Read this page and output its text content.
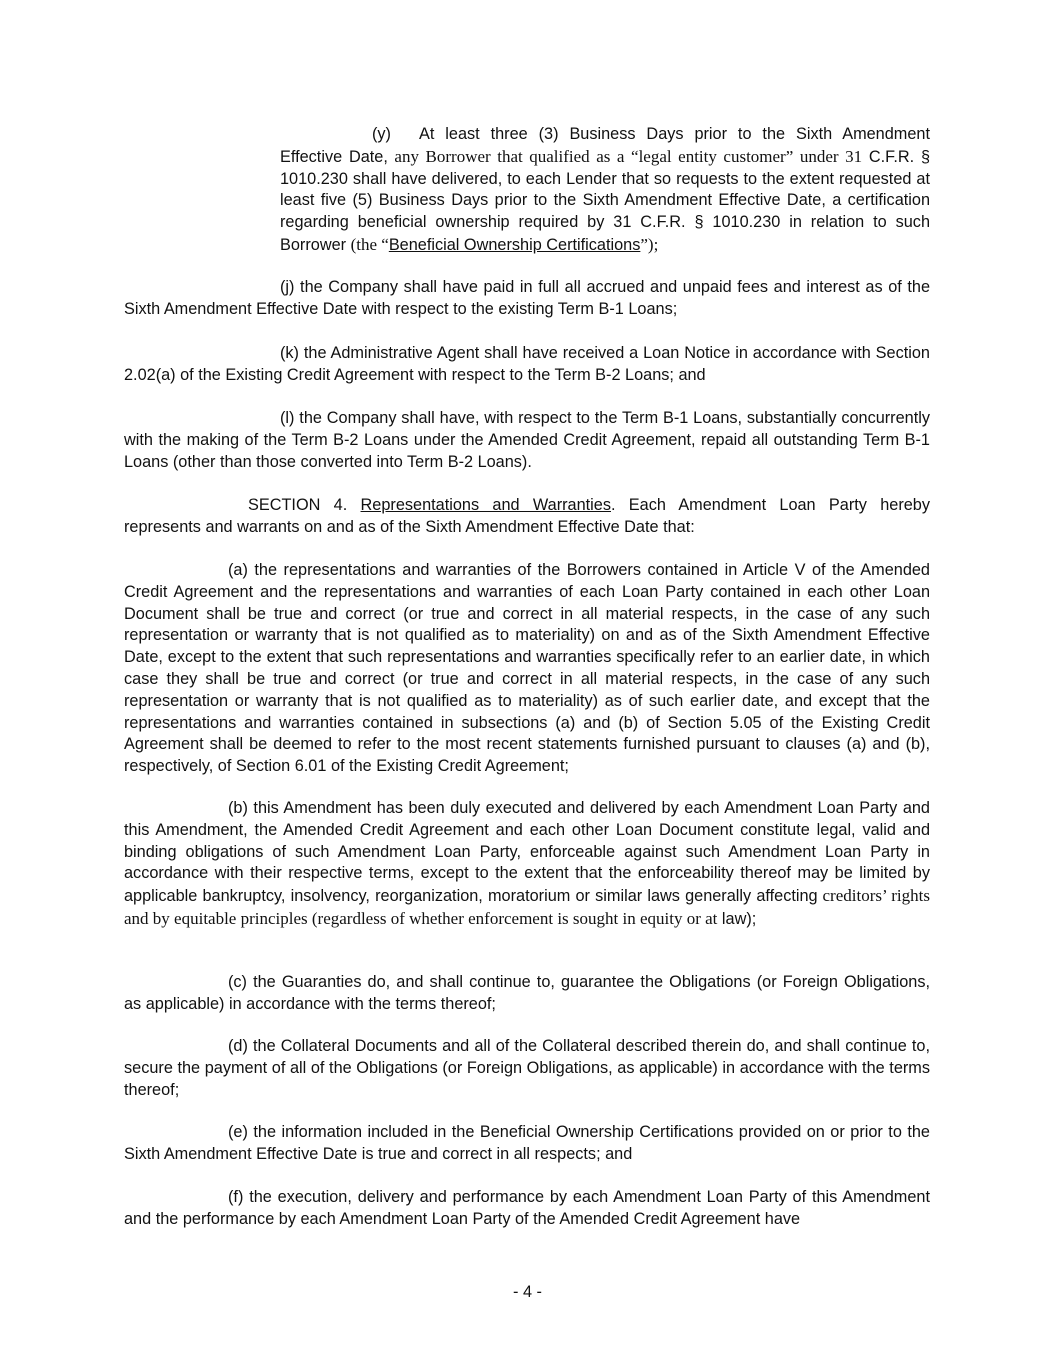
(y) At least three (3) Business Days prior to the Sixth Amendment Effective Date, any Borrower that qualified as a “legal entity customer” under 31 C.F.R. § 1010.230 shall have delivered, to each Lender that so requests to the extent requested at least five (5) Business Days prior to the Sixth Amendment Effective Date, a certification regarding beneficial ownership required by 31 C.F.R. § 1010.230 in relation to such Borrower (the “Beneficial Ownership Certifications”);

(j) the Company shall have paid in full all accrued and unpaid fees and interest as of the Sixth Amendment Effective Date with respect to the existing Term B-1 Loans;

(k) the Administrative Agent shall have received a Loan Notice in accordance with Section 2.02(a) of the Existing Credit Agreement with respect to the Term B-2 Loans; and

(l) the Company shall have, with respect to the Term B-1 Loans, substantially concurrently with the making of the Term B-2 Loans under the Amended Credit Agreement, repaid all outstanding Term B-1 Loans (other than those converted into Term B-2 Loans).

SECTION 4. Representations and Warranties. Each Amendment Loan Party hereby represents and warrants on and as of the Sixth Amendment Effective Date that:

(a) the representations and warranties of the Borrowers contained in Article V of the Amended Credit Agreement and the representations and warranties of each Loan Party contained in each other Loan Document shall be true and correct (or true and correct in all material respects, in the case of any such representation or warranty that is not qualified as to materiality) on and as of the Sixth Amendment Effective Date, except to the extent that such representations and warranties specifically refer to an earlier date, in which case they shall be true and correct (or true and correct in all material respects, in the case of any such representation or warranty that is not qualified as to materiality) as of such earlier date, and except that the representations and warranties contained in subsections (a) and (b) of Section 5.05 of the Existing Credit Agreement shall be deemed to refer to the most recent statements furnished pursuant to clauses (a) and (b), respectively, of Section 6.01 of the Existing Credit Agreement;

(b) this Amendment has been duly executed and delivered by each Amendment Loan Party and this Amendment, the Amended Credit Agreement and each other Loan Document constitute legal, valid and binding obligations of such Amendment Loan Party, enforceable against such Amendment Loan Party in accordance with their respective terms, except to the extent that the enforceability thereof may be limited by applicable bankruptcy, insolvency, reorganization, moratorium or similar laws generally affecting creditors’ rights and by equitable principles (regardless of whether enforcement is sought in equity or at law);

(c) the Guaranties do, and shall continue to, guarantee the Obligations (or Foreign Obligations, as applicable) in accordance with the terms thereof;

(d) the Collateral Documents and all of the Collateral described therein do, and shall continue to, secure the payment of all of the Obligations (or Foreign Obligations, as applicable) in accordance with the terms thereof;

(e) the information included in the Beneficial Ownership Certifications provided on or prior to the Sixth Amendment Effective Date is true and correct in all respects; and

(f) the execution, delivery and performance by each Amendment Loan Party of this Amendment and the performance by each Amendment Loan Party of the Amended Credit Agreement have

- 4 -
